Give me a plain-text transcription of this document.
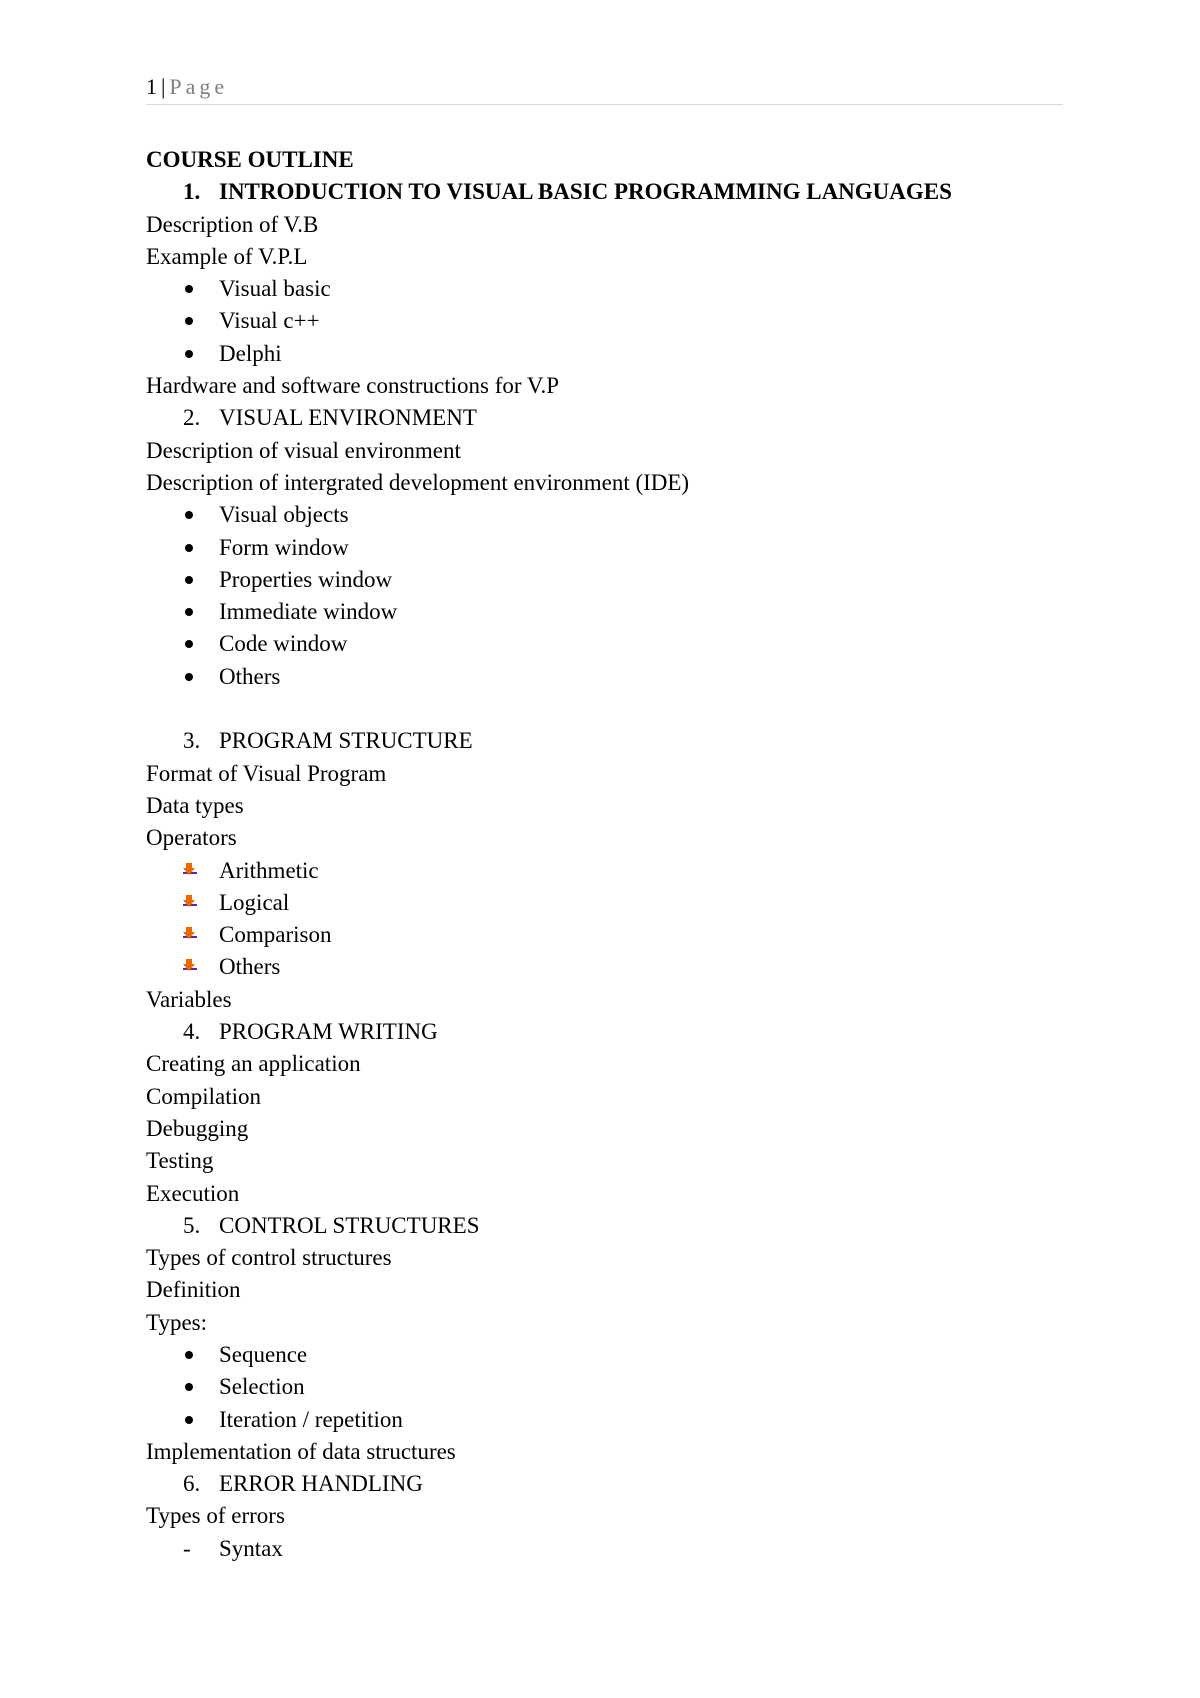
1 | Page
COURSE OUTLINE
1. INTRODUCTION TO VISUAL BASIC PROGRAMMING LANGUAGES
Description of V.B
Example of V.P.L
Visual basic
Visual c++
Delphi
Hardware and software constructions for V.P
2. VISUAL ENVIRONMENT
Description of visual environment
Description of intergrated development environment (IDE)
Visual objects
Form window
Properties window
Immediate window
Code window
Others
3. PROGRAM STRUCTURE
Format of Visual Program
Data types
Operators
Arithmetic
Logical
Comparison
Others
Variables
4. PROGRAM WRITING
Creating an application
Compilation
Debugging
Testing
Execution
5. CONTROL STRUCTURES
Types of control structures
Definition
Types:
Sequence
Selection
Iteration / repetition
Implementation of data structures
6. ERROR HANDLING
Types of errors
-	Syntax
